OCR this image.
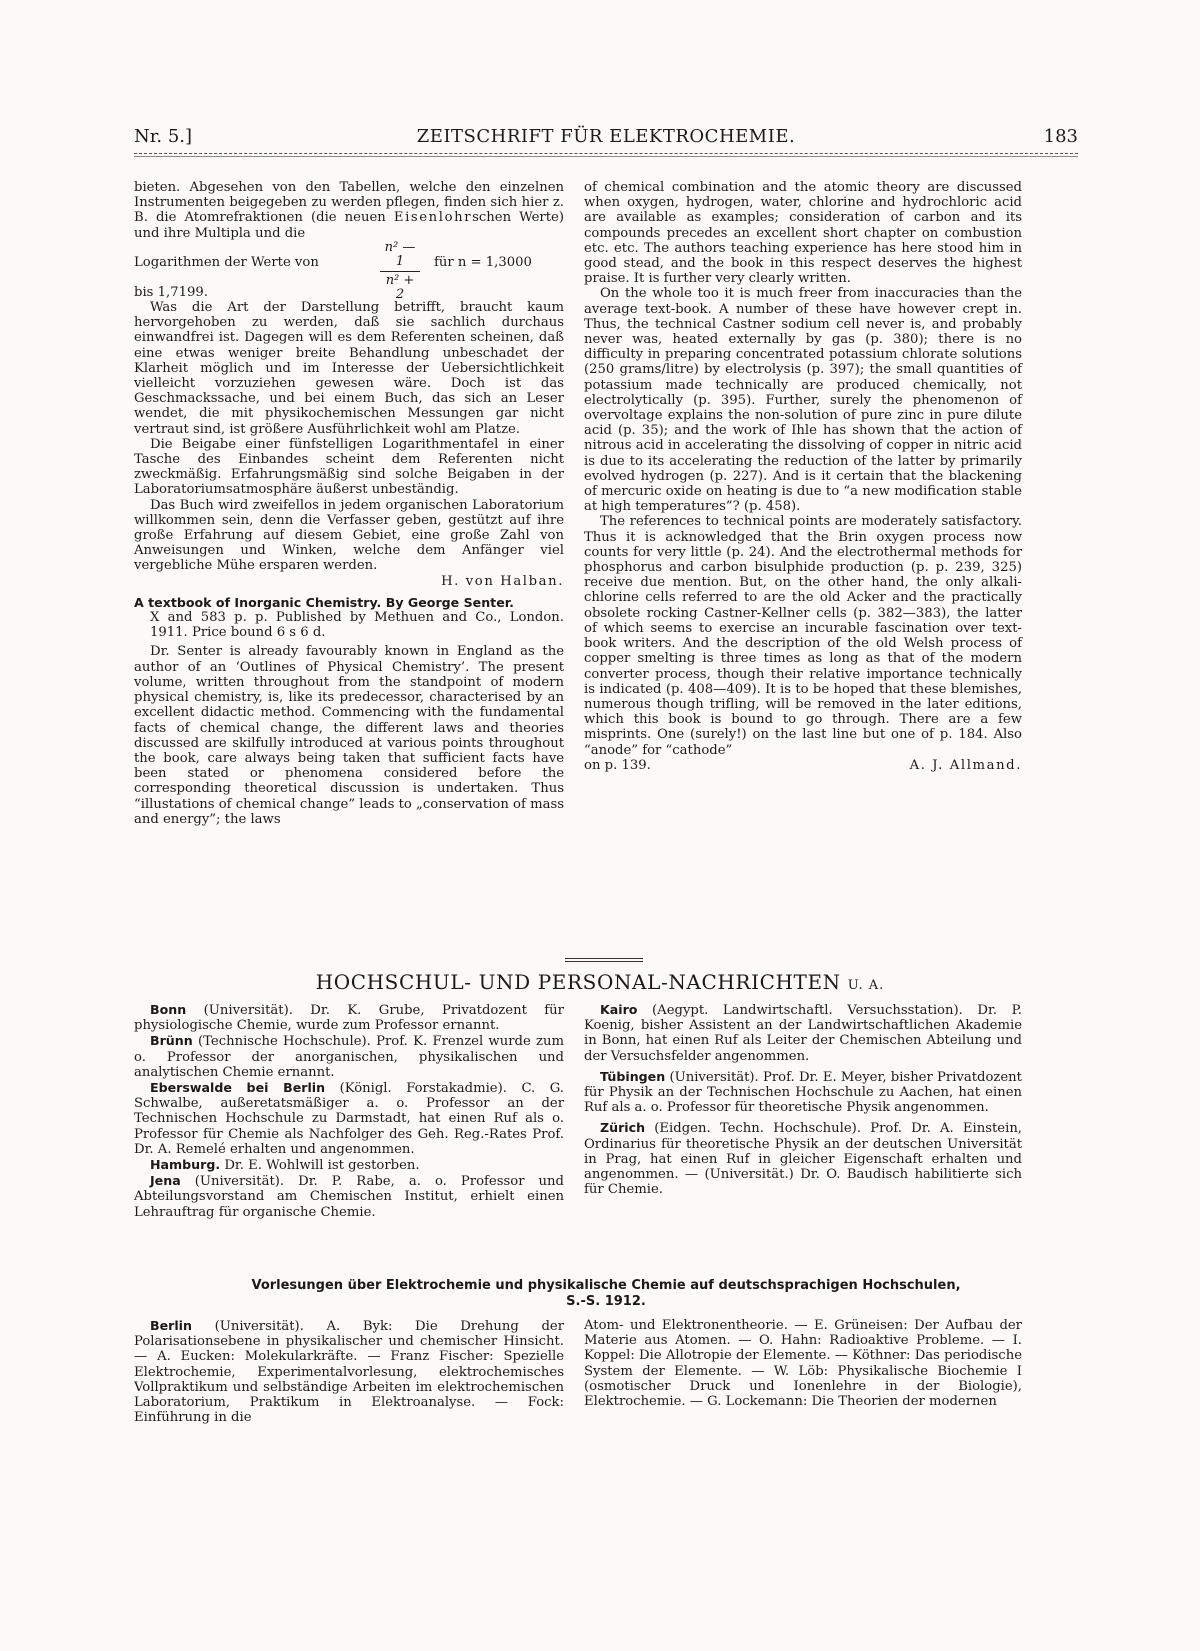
Nr. 5.]	ZEITSCHRIFT FÜR ELEKTROCHEMIE.	183

bieten. Abgesehen von den Tabellen, welche den einzelnen Instrumenten beigegeben zu werden pflegen, finden sich hier z. B. die Atomrefraktionen (die neuen Eisenlohrschen Werte) und ihre Multipla und die

Logarithmen der Werte von	$\frac{\text{n² — 1}}{\text{n² + 2}}$ für n = 1,3000

bis 1,7199.

Was die Art der Darstellung betrifft, braucht kaum hervorgehoben zu werden, daß sie sachlich durchaus einwandfrei ist. Dagegen will es dem Referenten scheinen, daß eine etwas weniger breite Behandlung unbeschadet der Klarheit möglich und im Interesse der Uebersichtlichkeit vielleicht vorzuziehen gewesen wäre. Doch ist das Geschmackssache, und bei einem Buch, das sich an Leser wendet, die mit physikochemischen Messungen gar nicht vertraut sind, ist größere Ausführlichkeit wohl am Platze.

Die Beigabe einer fünfstelligen Logarithmentafel in einer Tasche des Einbandes scheint dem Referenten nicht zweckmäßig. Erfahrungsmäßig sind solche Beigaben in der Laboratoriumsatmosphäre äußerst unbeständig.

Das Buch wird zweifellos in jedem organischen Laboratorium willkommen sein, denn die Verfasser geben, gestützt auf ihre große Erfahrung auf diesem Gebiet, eine große Zahl von Anweisungen und Winken, welche dem Anfänger viel vergebliche Mühe ersparen werden.

H. von Halban.

A textbook of Inorganic Chemistry. By George Senter.

X and 583 p. p. Published by Methuen and Co., London. 1911. Price bound 6 s 6 d.

Dr. Senter is already favourably known in England as the author of an ‘Outlines of Physical Chemistry’. The present volume, written throughout from the standpoint of modern physical chemistry, is, like its predecessor, characterised by an excellent didactic method. Commencing with the fundamental facts of chemical change, the different laws and theories discussed are skilfully introduced at various points throughout the book, care always being taken that sufficient facts have been stated or phenomena considered before the corresponding theoretical discussion is undertaken. Thus “illustations of chemical change” leads to „conservation of mass and energy”; the laws

of chemical combination and the atomic theory are discussed when oxygen, hydrogen, water, chlorine and hydrochloric acid are available as examples; consideration of carbon and its compounds precedes an excellent short chapter on combustion etc. etc. The authors teaching experience has here stood him in good stead, and the book in this respect deserves the highest praise. It is further very clearly written.

On the whole too it is much freer from inaccuracies than the average text-book. A number of these have however crept in. Thus, the technical Castner sodium cell never is, and probably never was, heated externally by gas (p. 380); there is no difficulty in preparing concentrated potassium chlorate solutions (250 grams/litre) by electrolysis (p. 397); the small quantities of potassium made technically are produced chemically, not electrolytically (p. 395). Further, surely the phenomenon of overvoltage explains the non-solution of pure zinc in pure dilute acid (p. 35); and the work of Ihle has shown that the action of nitrous acid in accelerating the dissolving of copper in nitric acid is due to its accelerating the reduction of the latter by primarily evolved hydrogen (p. 227). And is it certain that the blackening of mercuric oxide on heating is due to “a new modification stable at high temperatures”? (p. 458).

The references to technical points are moderately satisfactory. Thus it is acknowledged that the Brin oxygen process now counts for very little (p. 24). And the electrothermal methods for phosphorus and carbon bisulphide production (p. p. 239, 325) receive due mention. But, on the other hand, the only alkali-chlorine cells referred to are the old Acker and the practically obsolete rocking Castner-Kellner cells (p. 382—383), the latter of which seems to exercise an incurable fascination over text-book writers. And the description of the old Welsh process of copper smelting is three times as long as that of the modern converter process, though their relative importance technically is indicated (p. 408—409). It is to be hoped that these blemishes, numerous though trifling, will be removed in the later editions, which this book is bound to go through. There are a few misprints. One (surely!) on the last line but one of p. 184. Also “anode” for “cathode”

on p. 139.	A. J. Allmand.

HOCHSCHUL- UND PERSONAL-NACHRICHTEN U. A.

Bonn (Universität). Dr. K. Grube, Privatdozent für physiologische Chemie, wurde zum Professor ernannt.

Brünn (Technische Hochschule). Prof. K. Frenzel wurde zum o. Professor der anorganischen, physikalischen und analytischen Chemie ernannt.

Eberswalde bei Berlin (Königl. Forstakadmie). C. G. Schwalbe, außeretatsmäßiger a. o. Professor an der Technischen Hochschule zu Darmstadt, hat einen Ruf als o. Professor für Chemie als Nachfolger des Geh. Reg.-Rates Prof. Dr. A. Remelé erhalten und angenommen.

Hamburg. Dr. E. Wohlwill ist gestorben.

Jena (Universität). Dr. P. Rabe, a. o. Professor und Abteilungsvorstand am Chemischen Institut, erhielt einen Lehrauftrag für organische Chemie.

Kairo (Aegypt. Landwirtschaftl. Versuchsstation). Dr. P. Koenig, bisher Assistent an der Landwirtschaftlichen Akademie in Bonn, hat einen Ruf als Leiter der Chemischen Abteilung und der Versuchsfelder angenommen.

Tübingen (Universität). Prof. Dr. E. Meyer, bisher Privatdozent für Physik an der Technischen Hochschule zu Aachen, hat einen Ruf als a. o. Professor für theoretische Physik angenommen.

Zürich (Eidgen. Techn. Hochschule). Prof. Dr. A. Einstein, Ordinarius für theoretische Physik an der deutschen Universität in Prag, hat einen Ruf in gleicher Eigenschaft erhalten und angenommen. — (Universität.) Dr. O. Baudisch habilitierte sich für Chemie.

Vorlesungen über Elektrochemie und physikalische Chemie auf deutschsprachigen Hochschulen,
S.-S. 1912.

Berlin (Universität). A. Byk: Die Drehung der Polarisationsebene in physikalischer und chemischer Hinsicht. — A. Eucken: Molekularkräfte. — Franz Fischer: Spezielle Elektrochemie, Experimentalvorlesung, elektrochemisches Vollpraktikum und selbständige Arbeiten im elektrochemischen Laboratorium, Praktikum in Elektroanalyse. — Fock: Einführung in die

Atom- und Elektronentheorie. — E. Grüneisen: Der Aufbau der Materie aus Atomen. — O. Hahn: Radioaktive Probleme. — I. Koppel: Die Allotropie der Elemente. — Köthner: Das periodische System der Elemente. — W. Löb: Physikalische Biochemie I (osmotischer Druck und Ionenlehre in der Biologie), Elektrochemie. — G. Lockemann: Die Theorien der modernen
